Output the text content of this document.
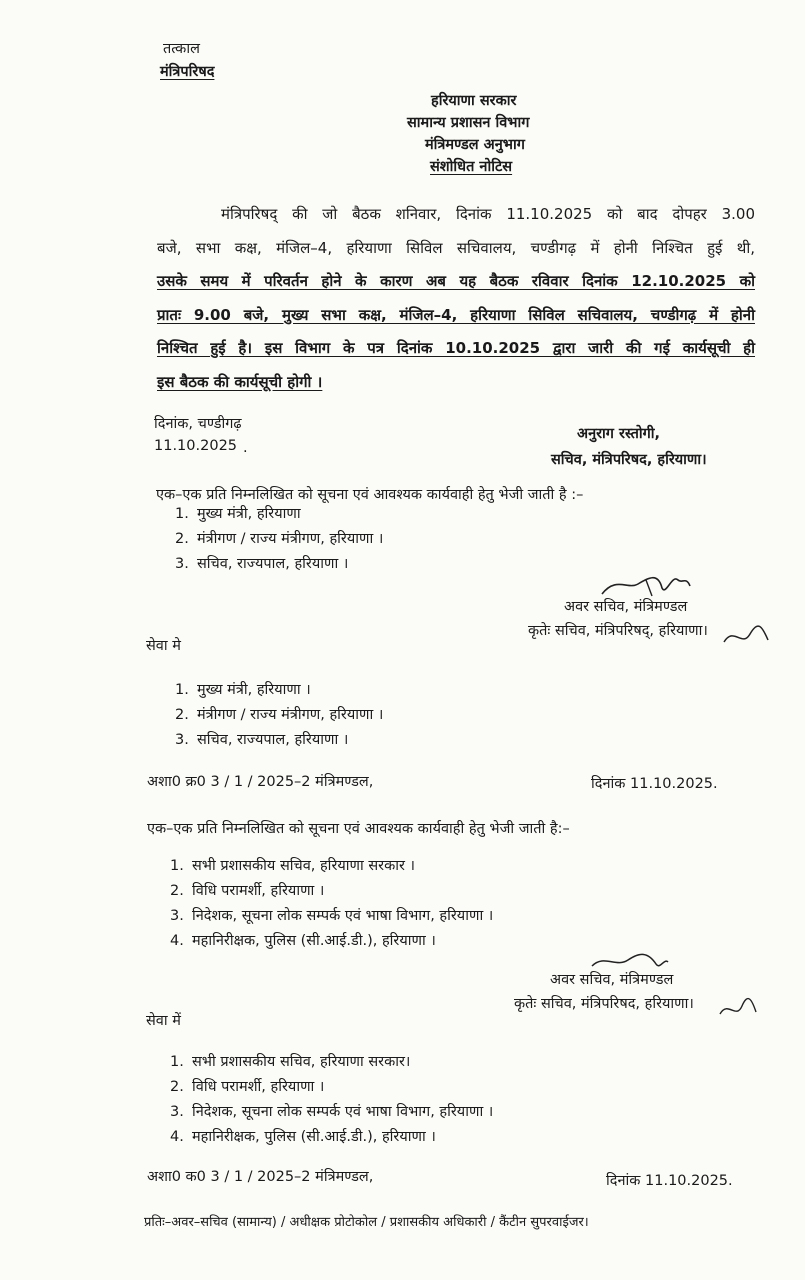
तत्काल
मंत्रिपरिषद
हरियाणा सरकार
सामान्य प्रशासन विभाग
मंत्रिमण्डल अनुभाग
संशोधित नोटिस
मंत्रिपरिषद् की जो बैठक शनिवार, दिनांक 11.10.2025 को बाद दोपहर 3.00
बजे, सभा कक्ष, मंजिल–4, हरियाणा सिविल सचिवालय, चण्डीगढ़ में होनी निश्चित हुई थी,
उसके समय में परिवर्तन होने के कारण अब यह बैठक रविवार दिनांक 12.10.2025 को
प्रातः 9.00 बजे, मुख्य सभा कक्ष, मंजिल–4, हरियाणा सिविल सचिवालय, चण्डीगढ़ में होनी
निश्चित हुई है। इस विभाग के पत्र दिनांक 10.10.2025 द्वारा जारी की गई कार्यसूची ही
इस बैठक की कार्यसूची होगी ।
दिनांक, चण्डीगढ़
11.10.2025 .
अनुराग रस्तोगी,
सचिव, मंत्रिपरिषद, हरियाणा।
एक–एक प्रति निम्नलिखित को सूचना एवं आवश्यक कार्यवाही हेतु भेजी जाती है :–
1. मुख्य मंत्री, हरियाणा
2. मंत्रीगण / राज्य मंत्रीगण, हरियाणा ।
3. सचिव, राज्यपाल, हरियाणा ।
अवर सचिव, मंत्रिमण्डल
कृतेः सचिव, मंत्रिपरिषद्, हरियाणा।
सेवा मे
1. मुख्य मंत्री, हरियाणा ।
2. मंत्रीगण / राज्य मंत्रीगण, हरियाणा ।
3. सचिव, राज्यपाल, हरियाणा ।
अशा0 क्र0 3 / 1 / 2025–2 मंत्रिमण्डल,	दिनांक 11.10.2025.
एक–एक प्रति निम्नलिखित को सूचना एवं आवश्यक कार्यवाही हेतु भेजी जाती है:–
1. सभी प्रशासकीय सचिव, हरियाणा सरकार ।
2. विधि परामर्शी, हरियाणा ।
3. निदेशक, सूचना लोक सम्पर्क एवं भाषा विभाग, हरियाणा ।
4. महानिरीक्षक, पुलिस (सी.आई.डी.), हरियाणा ।
अवर सचिव, मंत्रिमण्डल
कृतेः सचिव, मंत्रिपरिषद, हरियाणा।
सेवा में
1. सभी प्रशासकीय सचिव, हरियाणा सरकार।
2. विधि परामर्शी, हरियाणा ।
3. निदेशक, सूचना लोक सम्पर्क एवं भाषा विभाग, हरियाणा ।
4. महानिरीक्षक, पुलिस (सी.आई.डी.), हरियाणा ।
अशा0 क0 3 / 1 / 2025–2 मंत्रिमण्डल,	दिनांक 11.10.2025.
प्रतिः–अवर–सचिव (सामान्य) / अधीक्षक प्रोटोकोल / प्रशासकीय अधिकारी / कैंटीन सुपरवाईजर।
